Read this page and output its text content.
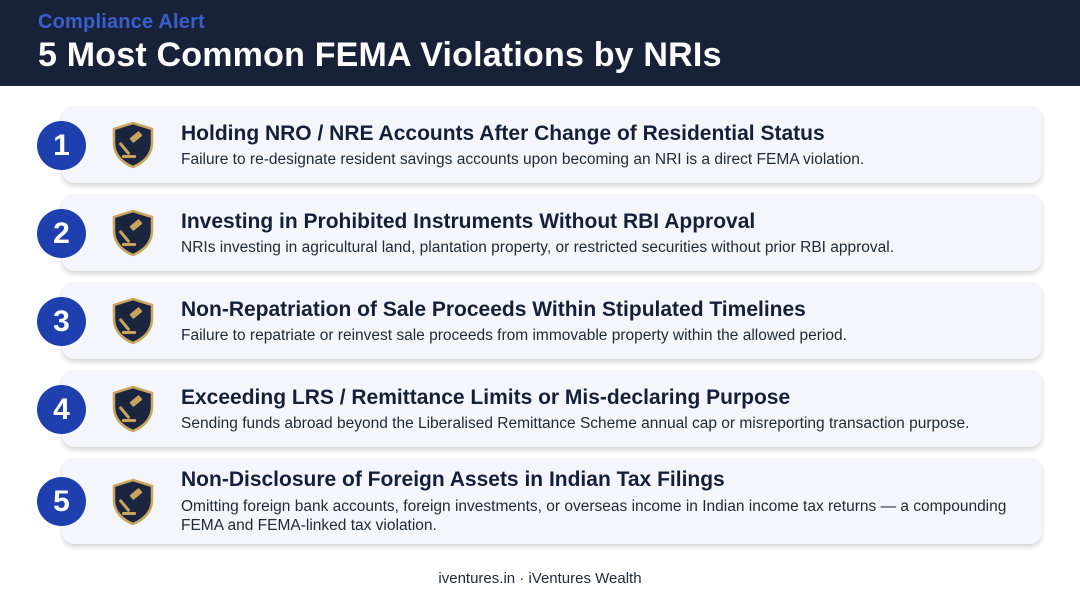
Compliance Alert
5 Most Common FEMA Violations by NRIs
Holding NRO / NRE Accounts After Change of Residential Status
Failure to re-designate resident savings accounts upon becoming an NRI is a direct FEMA violation.
1
Investing in Prohibited Instruments Without RBI Approval
NRIs investing in agricultural land, plantation property, or restricted securities without prior RBI approval.
2
Non-Repatriation of Sale Proceeds Within Stipulated Timelines
Failure to repatriate or reinvest sale proceeds from immovable property within the allowed period.
3
Exceeding LRS / Remittance Limits or Mis-declaring Purpose
Sending funds abroad beyond the Liberalised Remittance Scheme annual cap or misreporting transaction purpose.
4
Non-Disclosure of Foreign Assets in Indian Tax Filings
Omitting foreign bank accounts, foreign investments, or overseas income in Indian income tax returns — a compounding FEMA and FEMA-linked tax violation.
5
iventures.in · iVentures Wealth
